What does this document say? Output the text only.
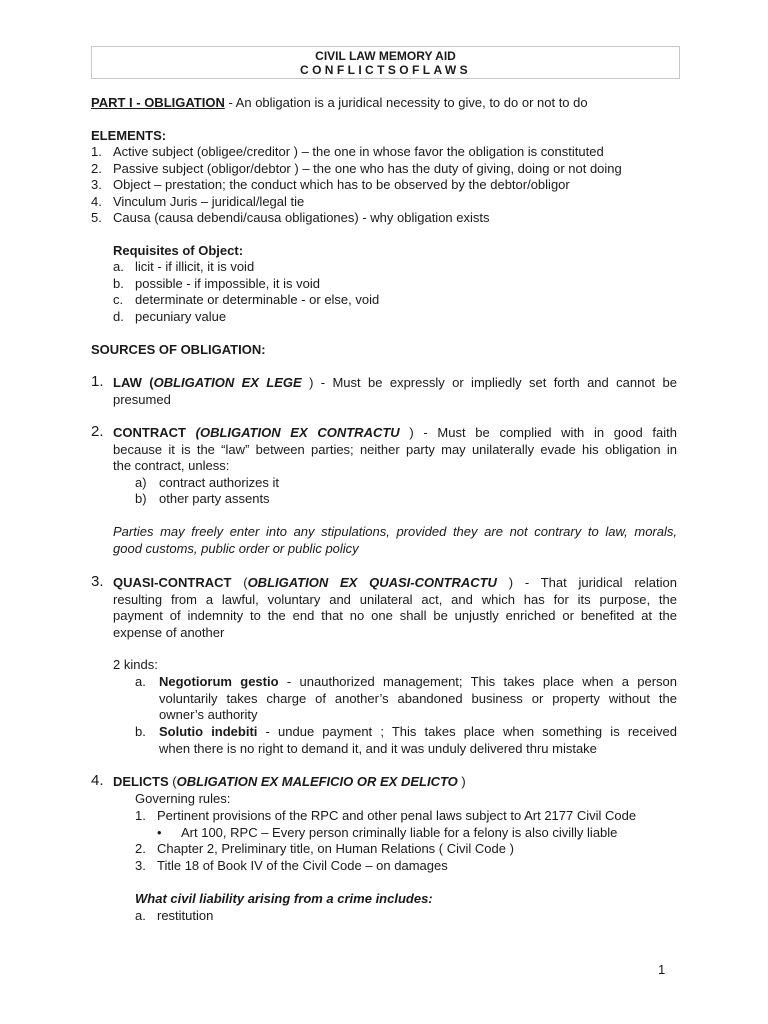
CIVIL LAW MEMORY AID
CONFLICTSOFLAWS
PART I - OBLIGATION - An obligation is a juridical necessity to give, to do or not to do
ELEMENTS:
1. Active subject (obligee/creditor ) – the one in whose favor the obligation is constituted
2. Passive subject (obligor/debtor ) – the one who has the duty of giving, doing or not doing
3. Object – prestation; the conduct which has to be observed by the debtor/obligor
4. Vinculum Juris – juridical/legal tie
5. Causa (causa debendi/causa obligationes) - why obligation exists
Requisites of Object:
a. licit - if illicit, it is void
b. possible - if impossible, it is void
c. determinate or determinable - or else, void
d. pecuniary value
SOURCES OF OBLIGATION:
1. LAW (OBLIGATION EX LEGE ) - Must be expressly or impliedly set forth and cannot be
presumed
2. CONTRACT (OBLIGATION EX CONTRACTU ) - Must be complied with in good faith
because it is the “law” between parties; neither party may unilaterally evade his obligation in
the contract, unless:
a) contract authorizes it
b) other party assents
Parties may freely enter into any stipulations, provided they are not contrary to law, morals,
good customs, public order or public policy
3. QUASI-CONTRACT (OBLIGATION EX QUASI-CONTRACTU ) - That juridical relation
resulting from a lawful, voluntary and unilateral act, and which has for its purpose, the
payment of indemnity to the end that no one shall be unjustly enriched or benefited at the
expense of another
2 kinds:
a. Negotiorum gestio - unauthorized management; This takes place when a person
voluntarily takes charge of another’s abandoned business or property without the
owner’s authority
b. Solutio indebiti - undue payment ; This takes place when something is received
when there is no right to demand it, and it was unduly delivered thru mistake
4. DELICTS (OBLIGATION EX MALEFICIO OR EX DELICTO )
Governing rules:
1. Pertinent provisions of the RPC and other penal laws subject to Art 2177 Civil Code
• Art 100, RPC – Every person criminally liable for a felony is also civilly liable
2. Chapter 2, Preliminary title, on Human Relations ( Civil Code )
3. Title 18 of Book IV of the Civil Code – on damages
What civil liability arising from a crime includes:
a. restitution
1
